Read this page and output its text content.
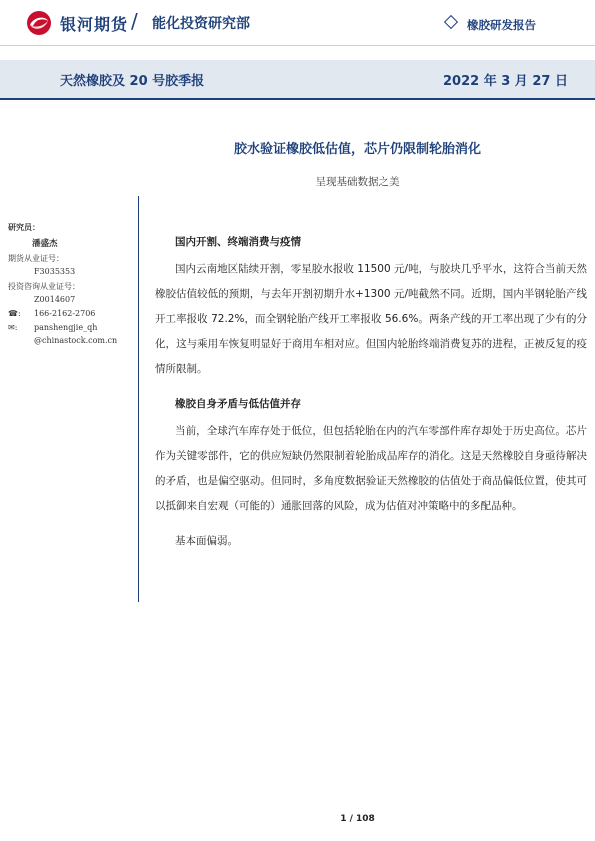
银河期货 / 能化投资研究部	橡胶研发报告
天然橡胶及 20 号胶季报	2022 年 3 月 27 日
胶水验证橡胶低估值，芯片仍限制轮胎消化
呈现基础数据之美
研究员：
潘盛杰
期货从业证号：
F3035353
投资咨询从业证号：
Z0014607
☎:	166-2162-2706
✉:	panshengjie_qh
@chinastock.com.cn
国内开割、终端消费与疫情

国内云南地区陆续开割，零星胶水报收 11500 元/吨，与胶块几乎平水，这符合当前天然橡胶估值较低的预期，与去年开割初期升水+1300 元/吨截然不同。近期，国内半钢轮胎产线开工率报收 72.2%，而全钢轮胎产线开工率报收 56.6%。两条产线的开工率出现了少有的分化，这与乘用车恢复明显好于商用车相对应。但国内轮胎终端消费复苏的进程，正被反复的疫情所限制。

橡胶自身矛盾与低估值并存

当前，全球汽车库存处于低位，但包括轮胎在内的汽车零部件库存却处于历史高位。芯片作为关键零部件，它的供应短缺仍然限制着轮胎成品库存的消化。这是天然橡胶自身亟待解决的矛盾，也是偏空驱动。但同时，多角度数据验证天然橡胶的估值处于商品偏低位置，使其可以抵御来自宏观（可能的）通胀回落的风险，成为估值对冲策略中的多配品种。

基本面偏弱。

1 / 108
